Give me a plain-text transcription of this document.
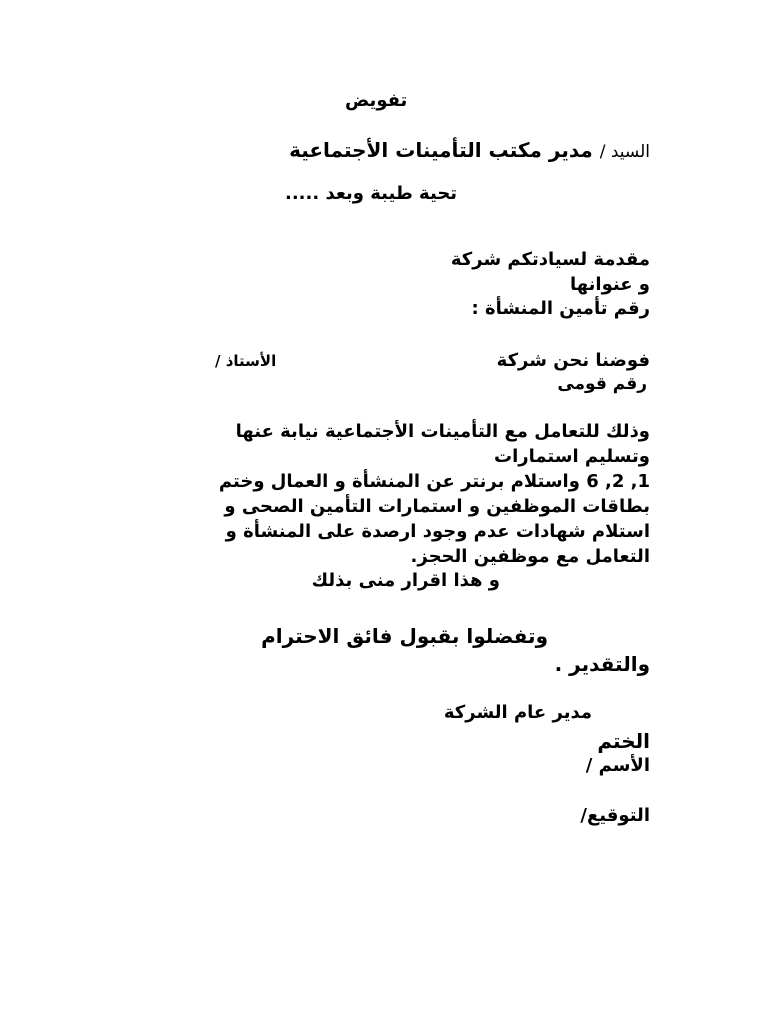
تفويض
السيد / مدير مكتب التأمينات الأجتماعية
تحية طيبة وبعد .....
مقدمة لسيادتكم شركة
و عنوانها
رقم تأمين المنشأة :
فوضنا نحن شركة
الأستاذ /
رقم قومى
وذلك للتعامل مع التأمينات الأجتماعية نيابة عنها
وتسليم استمارات
1, 2, 6 واستلام برنتر عن المنشأة و العمال وختم
بطاقات الموظفين و استمارات التأمين الصحى و
استلام شهادات عدم وجود ارصدة على المنشأة و
التعامل مع موظفين الحجز.
و هذا اقرار منى بذلك
وتفضلوا بقبول فائق الاحترام
والتقدير .
مدير عام الشركة
الختم
الأسم /
التوقيع/
